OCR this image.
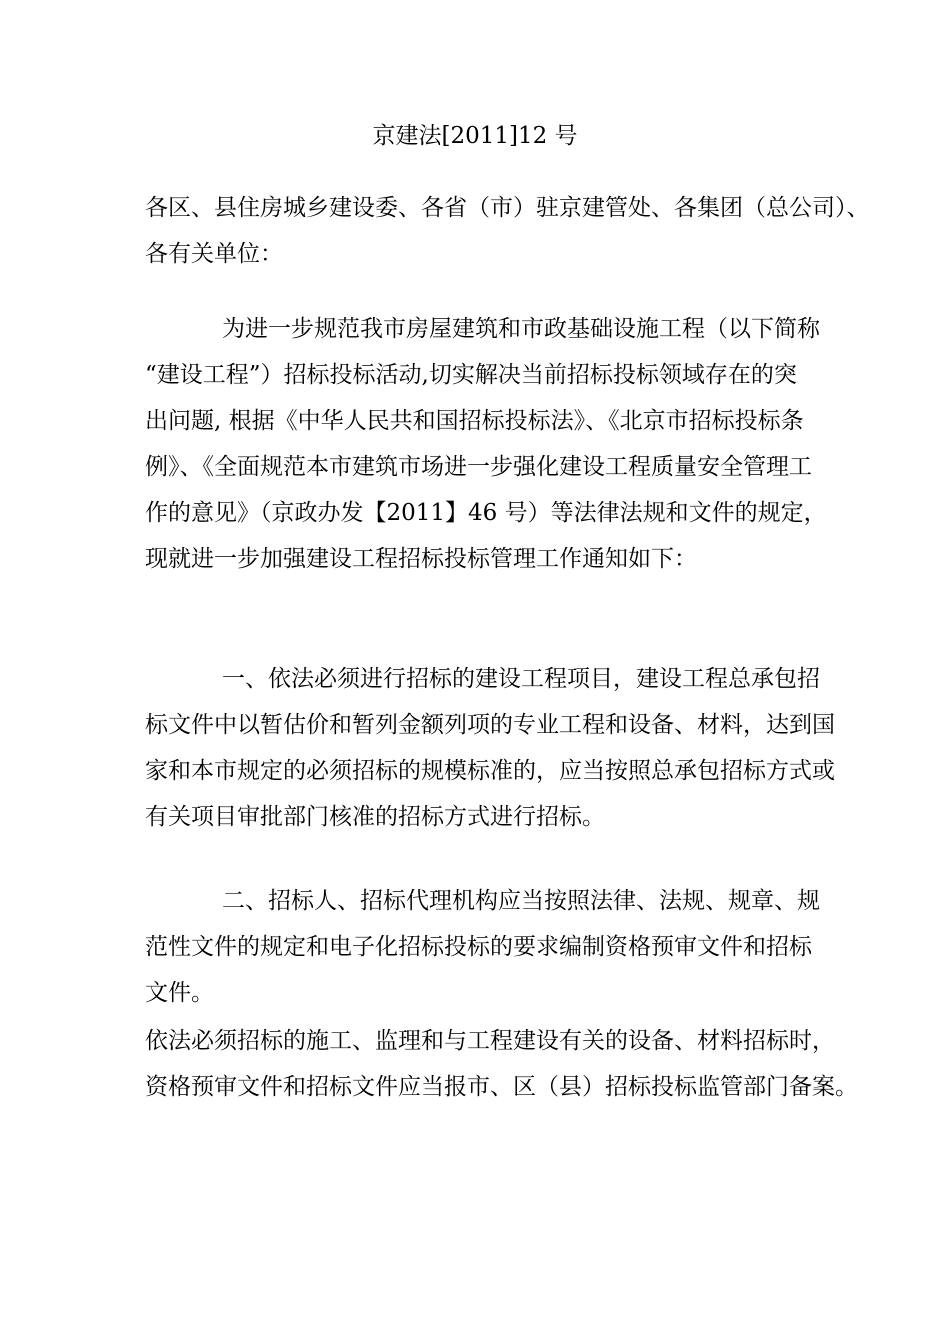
京建法[2011]12 号
各区、县住房城乡建设委、各省（市）驻京建管处、各集团（总公司）、
各有关单位：
为进一步规范我市房屋建筑和市政基础设施工程（以下简称
“建设工程”）招标投标活动,切实解决当前招标投标领域存在的突
出问题, 根据《中华人民共和国招标投标法》、《北京市招标投标条
例》、《全面规范本市建筑市场进一步强化建设工程质量安全管理工
作的意见》（京政办发【2011】46 号）等法律法规和文件的规定，
现就进一步加强建设工程招标投标管理工作通知如下：
一、依法必须进行招标的建设工程项目，建设工程总承包招
标文件中以暂估价和暂列金额列项的专业工程和设备、材料，达到国
家和本市规定的必须招标的规模标准的，应当按照总承包招标方式或
有关项目审批部门核准的招标方式进行招标。
二、招标人、招标代理机构应当按照法律、法规、规章、规
范性文件的规定和电子化招标投标的要求编制资格预审文件和招标
文件。
依法必须招标的施工、监理和与工程建设有关的设备、材料招标时，
资格预审文件和招标文件应当报市、区（县）招标投标监管部门备案。
